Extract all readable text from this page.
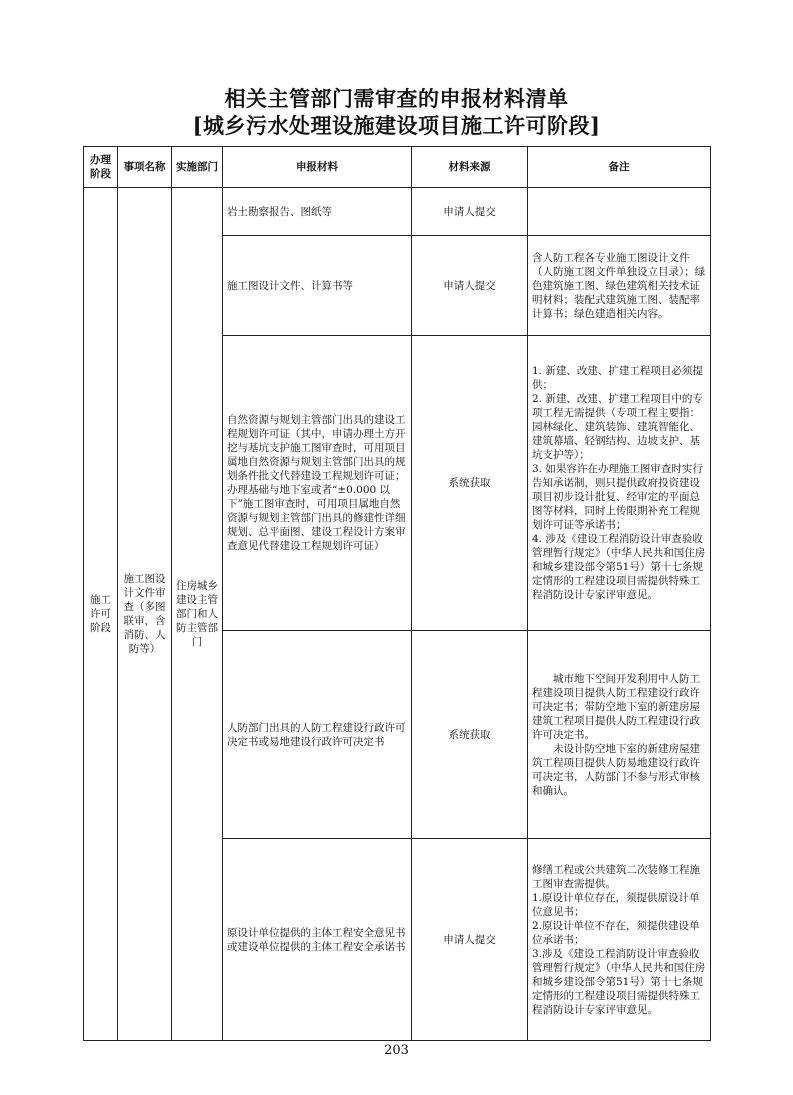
相关主管部门需审查的申报材料清单
[城乡污水处理设施建设项目施工许可阶段]
办理阶段	事项名称	实施部门	申报材料	材料来源	备注
施工许可阶段	施工图设计文件审查（多图联审，含消防、人防等）	住房城乡建设主管部门和人防主管部门	岩土勘察报告、图纸等	申请人提交	
			施工图设计文件、计算书等	申请人提交	含人防工程各专业施工图设计文件（人防施工图文件单独设立目录）；绿色建筑施工图、绿色建筑相关技术证明材料；装配式建筑施工图、装配率计算书；绿色建造相关内容。
			自然资源与规划主管部门出具的建设工程规划许可证（其中，申请办理土方开挖与基坑支护施工图审查时，可用项目属地自然资源与规划主管部门出具的规划条件批文代替建设工程规划许可证；办理基础与地下室或者“±0.000 以下”施工图审查时，可用项目属地自然资源与规划主管部门出具的修建性详细规划、总平面图、建设工程设计方案审查意见代替建设工程规划许可证）	系统获取	1. 新建、改建、扩建工程项目必须提供；

2. 新建、改建、扩建工程项目中的专项工程无需提供（专项工程主要指：园林绿化、建筑装饰、建筑智能化、建筑幕墙、轻钢结构、边坡支护、基坑支护等）；

3. 如果容许在办理施工图审查时实行告知承诺制，则只提供政府投资建设项目初步设计批复、经审定的平面总图等材料，同时上传限期补充工程规划许可证等承诺书；

4. 涉及《建设工程消防设计审查验收管理暂行规定》（中华人民共和国住房和城乡建设部令第51号）第十七条规定情形的工程建设项目需提供特殊工程消防设计专家评审意见。

			人防部门出具的人防工程建设行政许可决定书或易地建设行政许可决定书	系统获取	城市地下空间开发利用中人防工程建设项目提供人防工程建设行政许可决定书；带防空地下室的新建房屋建筑工程项目提供人防工程建设行政许可决定书。

未设计防空地下室的新建房屋建筑工程项目提供人防易地建设行政许可决定书，人防部门不参与形式审核和确认。

			原设计单位提供的主体工程安全意见书或建设单位提供的主体工程安全承诺书	申请人提交	修缮工程或公共建筑二次装修工程施工图审查需提供。

1.原设计单位存在，须提供原设计单位意见书；

2.原设计单位不存在，须提供建设单位承诺书；

3.涉及《建设工程消防设计审查验收管理暂行规定》（中华人民共和国住房和城乡建设部令第51号）第十七条规定情形的工程建设项目需提供特殊工程消防设计专家评审意见。

203
